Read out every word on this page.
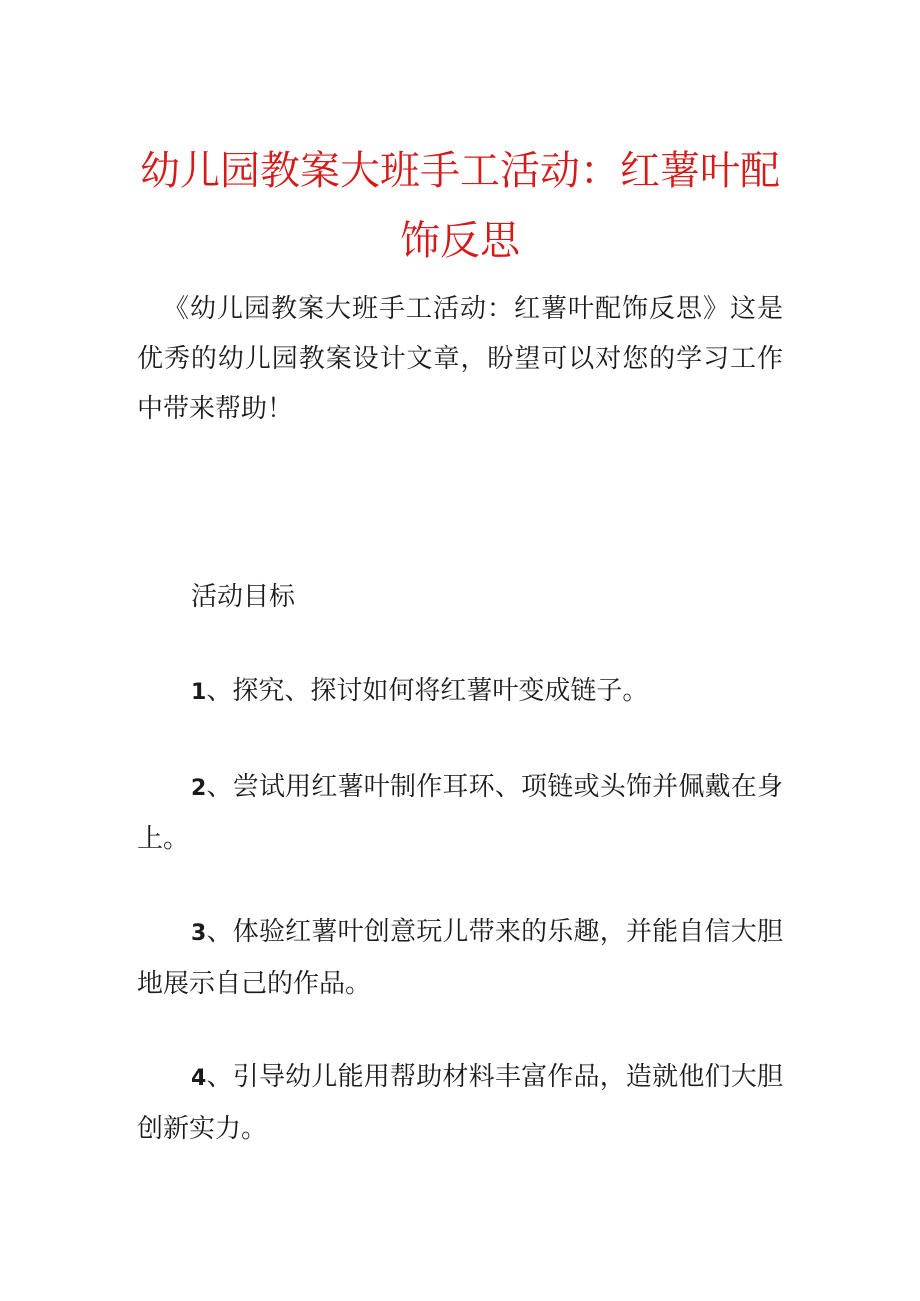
幼儿园教案大班手工活动：红薯叶配饰反思

《幼儿园教案大班手工活动：红薯叶配饰反思》这是优秀的幼儿园教案设计文章，盼望可以对您的学习工作中带来帮助！

活动目标

1、探究、探讨如何将红薯叶变成链子。

2、尝试用红薯叶制作耳环、项链或头饰并佩戴在身上。

3、体验红薯叶创意玩儿带来的乐趣，并能自信大胆地展示自己的作品。

4、引导幼儿能用帮助材料丰富作品，造就他们大胆创新实力。
